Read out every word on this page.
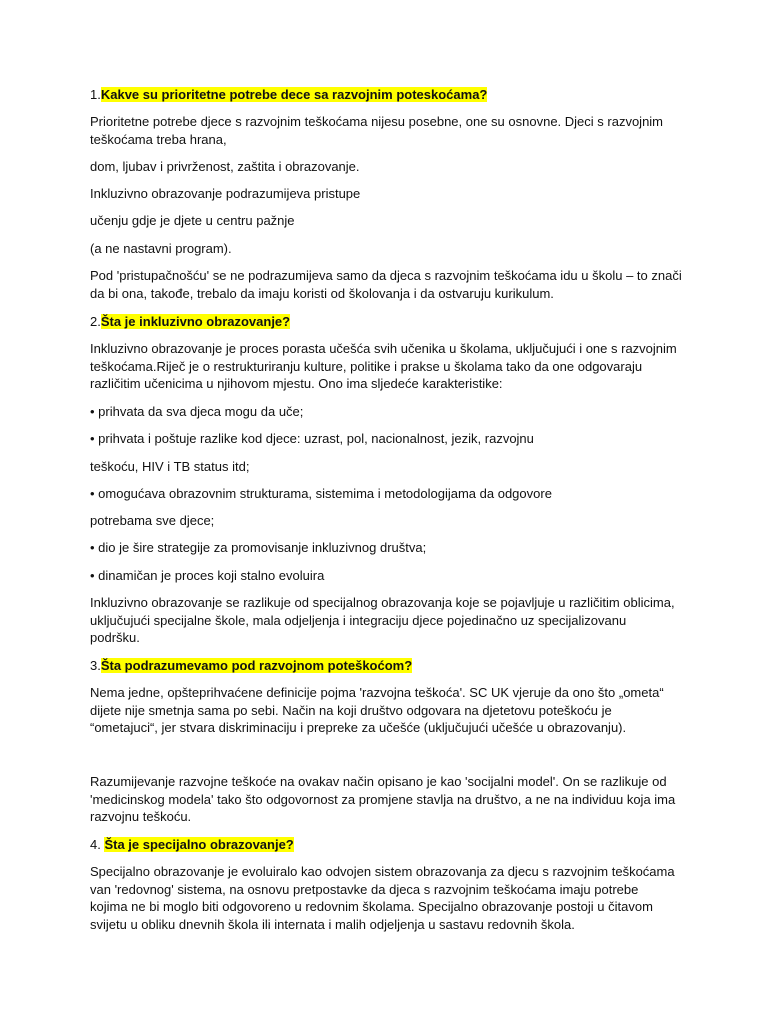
1.Kakve su prioritetne potrebe dece sa razvojnim poteskoćama?

Prioritetne potrebe djece s razvojnim teškoćama nijesu posebne, one su osnovne. Djeci s razvojnim
teškoćama treba hrana,

dom, ljubav i privrženost, zaštita i obrazovanje.

Inkluzivno obrazovanje podrazumijeva pristupe

učenju gdje je djete u centru pažnje

(a ne nastavni program).

Pod 'pristupačnošću' se ne podrazumijeva samo da djeca s razvojnim teškoćama idu u školu – to znači
da bi ona, takođe, trebalo da imaju koristi od školovanja i da ostvaruju kurikulum.

2.Šta je inkluzivno obrazovanje?

Inkluzivno obrazovanje je proces porasta učešća svih učenika u školama, uključujući i one s razvojnim
teškoćama.Riječ je o restrukturiranju kulture, politike i prakse u školama tako da one odgovaraju
različitim učenicima u njihovom mjestu. Ono ima sljedeće karakteristike:

• prihvata da sva djeca mogu da uče;

• prihvata i poštuje razlike kod djece: uzrast, pol, nacionalnost, jezik, razvojnu

teškoću, HIV i TB status itd;

• omogućava obrazovnim strukturama, sistemima i metodologijama da odgovore

potrebama sve djece;

• dio je šire strategije za promovisanje inkluzivnog društva;

• dinamičan je proces koji stalno evoluira

Inkluzivno obrazovanje se razlikuje od specijalnog obrazovanja koje se pojavljuje u različitim oblicima,
uključujući specijalne škole, mala odjeljenja i integraciju djece pojedinačno uz specijalizovanu
podršku.

3.Šta podrazumevamo pod razvojnom poteškoćom?

Nema jedne, opšteprihvaćene definicije pojma 'razvojna teškoća'. SC UK vjeruje da ono što „ometa“
dijete nije smetnja sama po sebi. Način na koji društvo odgovara na djetetovu poteškoću je
“ometajuci“, jer stvara diskriminaciju i prepreke za učešće (uključujući učešće u obrazovanju).

Razumijevanje razvojne teškoće na ovakav način opisano je kao 'socijalni model'. On se razlikuje od
'medicinskog modela' tako što odgovornost za promjene stavlja na društvo, a ne na individuu koja ima
razvojnu teškoću.

4. Šta je specijalno obrazovanje?

Specijalno obrazovanje je evoluiralo kao odvojen sistem obrazovanja za djecu s razvojnim teškoćama
van 'redovnog' sistema, na osnovu pretpostavke da djeca s razvojnim teškoćama imaju potrebe
kojima ne bi moglo biti odgovoreno u redovnim školama. Specijalno obrazovanje postoji u čitavom
svijetu u obliku dnevnih škola ili internata i malih odjeljenja u sastavu redovnih škola.
